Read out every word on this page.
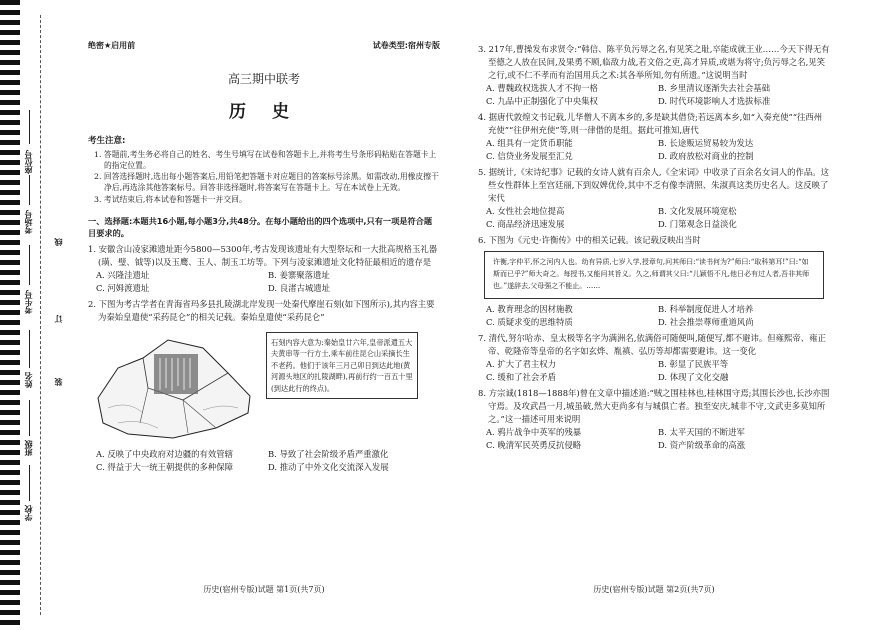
座位号
考场号
考生号
姓名
班级
学校
线
订
装
绝密★启用前	试卷类型:宿州专版
高三期中联考
历 史
考生注意:
1. 答题前,考生务必将自己的姓名、考生号填写在试卷和答题卡上,并将考生号条形码粘贴在答题卡上的指定位置。
2. 回答选择题时,选出每小题答案后,用铅笔把答题卡对应题目的答案标号涂黑。如需改动,用橡皮擦干净后,再选涂其他答案标号。回答非选择题时,将答案写在答题卡上。写在本试卷上无效。
3. 考试结束后,将本试卷和答题卡一并交回。
一、选择题:本题共16小题,每小题3分,共48分。在每小题给出的四个选项中,只有一项是符合题目要求的。
1. 安徽含山凌家滩遗址距今5800—5300年,考古发现该遗址有大型祭坛和一大批高规格玉礼器(璜、璧、钺等)以及玉鹰、玉人、制玉工坊等。下列与凌家滩遗址文化特征最相近的遗存是
A. 兴隆洼遗址	B. 姜寨聚落遗址
C. 河姆渡遗址	D. 良渚古城遗址
2. 下图为考古学者在青海省玛多县扎陵湖北岸发现一处秦代摩崖石刻(如下图所示),其内容主要为秦始皇遣使“采药昆仑”的相关记载。秦始皇遣使“采药昆仑”
石刻内容大意为:秦始皇廿六年,皇帝派遣五大夫黄串等一行方士,乘车前往昆仑山采摘长生不老药。他们于该年三月己卯日到达此地(黄河源头地区的扎陵湖畔),再前行约一百五十里(到达此行的终点)。
A. 反映了中央政府对边疆的有效管辖	B. 导致了社会阶级矛盾严重激化
C. 得益于大一统王朝提供的多种保障	D. 推动了中外文化交流深入发展
3. 217年,曹操发布求贤令:“韩信、陈平负污辱之名,有见笑之耻,卒能成就王业……今天下得无有至德之人放在民间,及果勇不顾,临敌力战,若文俗之吏,高才异质,或堪为将守;负污辱之名,见笑之行,或不仁不孝而有治国用兵之术:其各举所知,勿有所遗。”这说明当时
A. 曹魏政权选拔人才不拘一格	B. 乡里清议逐渐失去社会基础
C. 九品中正制强化了中央集权	D. 时代环境影响人才选拔标准
4. 据唐代敦煌文书记载,儿华僧人不离本乡的,多是缺其借贷;若远离本乡,如“入奏充使”“往西州充使”“往伊州充使”等,则一律借的是组。据此可推知,唐代
A. 组具有一定货币职能	B. 长途贩运贸易较为发达
C. 信贷业务发展至汇兑	D. 政府放松对商业的控制
5. 据统计,《宋诗纪事》记载的女诗人就有百余人,《全宋词》中收录了百余名女词人的作品。这些女性群体上至宫廷丽,下到奴婢优伶,其中不乏有像李清照、朱淑真这类历史名人。这反映了宋代
A. 女性社会地位提高	B. 文化发展环境宽松
C. 商品经济迅速发展	D. 门第观念日益淡化
6. 下图为《元史·许衡传》中的相关记载。该记载反映出当时
许衡,字仲平,怀之河内人也。幼有异质,七岁入学,授章句,问其师曰:“读书何为?”师曰:“取科第耳!”曰:“如斯而已乎?”师大奇之。每授书,又能问其旨义。久之,师谓其父曰:“儿颖悟不凡,他日必有过人者,吾非其师也。”遂辞去,父母强之不能止。……
A. 教育理念的因材施教	B. 科举制度促进人才培养
C. 质疑求变的思维特质	D. 社会推崇尊师重道风尚
7. 清代,努尔哈赤、皇太极等名字为满洲名,依满俗可随便叫,随便写,都不避讳。但雍熙帝、雍正帝、乾隆帝等皇帝的名字如玄烨、胤禛、弘历等却都需要避讳。这一变化
A. 扩大了君主权力	B. 彰显了民族平等
C. 缓和了社会矛盾	D. 体现了文化交融
8. 方宗诚(1818—1888年)曾在文章中描述道:“贼之围桂林也,桂林围守焉;其围长沙也,长沙亦围守焉。及攻武昌一月,城虽破,然大吏尚多有与城俱亡者。独至安庆,城非不守,文武吏多莫知所之。”这一描述可用来说明
A. 鸦片战争中英军的残暴	B. 太平天国的不断进军
C. 晚清军民英勇反抗侵略	D. 资产阶级革命的高涨
历史(宿州专版)试题 第1页(共7页)	历史(宿州专版)试题 第2页(共7页)
